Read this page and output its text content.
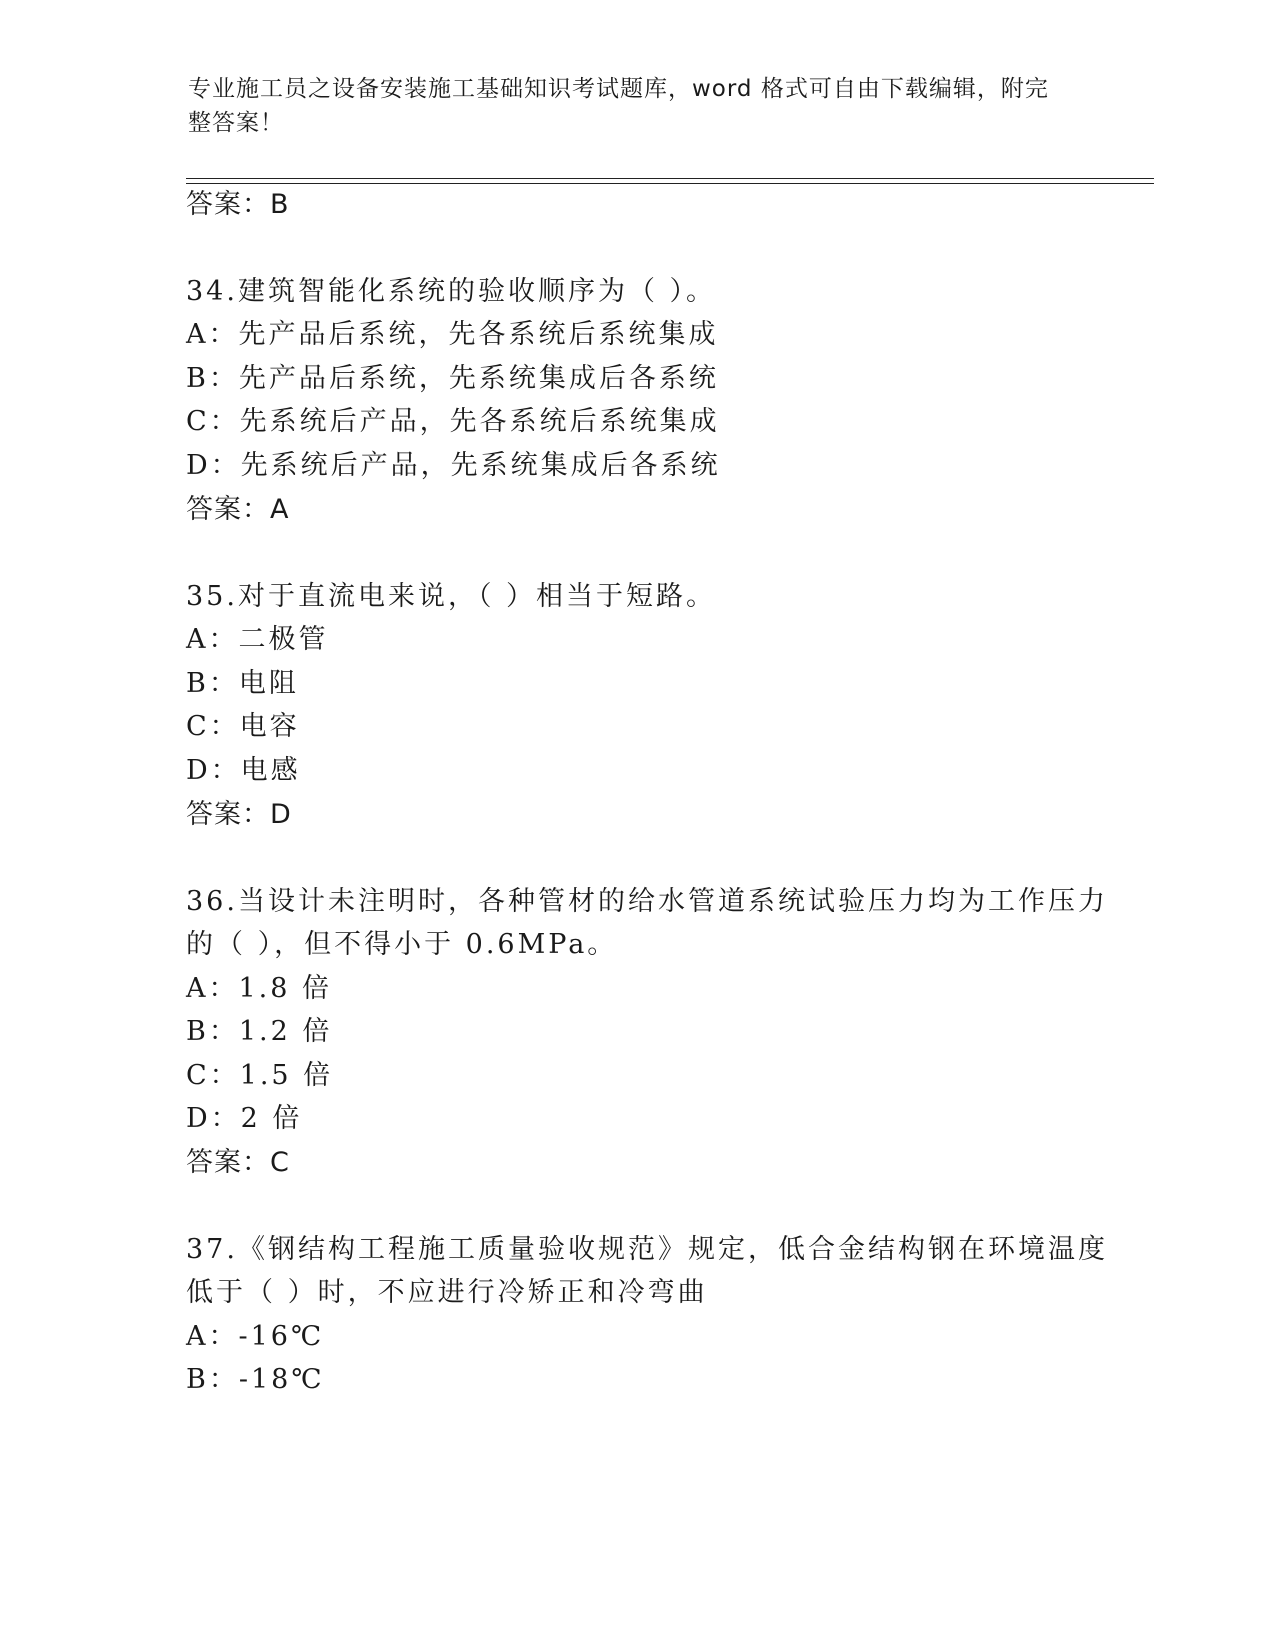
专业施工员之设备安装施工基础知识考试题库，word 格式可自由下载编辑，附完整答案！
答案：B
34.建筑智能化系统的验收顺序为（ ）。
A：先产品后系统，先各系统后系统集成
B：先产品后系统，先系统集成后各系统
C：先系统后产品，先各系统后系统集成
D：先系统后产品，先系统集成后各系统
答案：A
35.对于直流电来说，（ ）相当于短路。
A：二极管
B：电阻
C：电容
D：电感
答案：D
36.当设计未注明时，各种管材的给水管道系统试验压力均为工作压力
的（ ），但不得小于 0.6MPa。
A：1.8 倍
B：1.2 倍
C：1.5 倍
D：2 倍
答案：C
37.《钢结构工程施工质量验收规范》规定，低合金结构钢在环境温度
低于（ ）时，不应进行冷矫正和冷弯曲
A：-16℃
B：-18℃
